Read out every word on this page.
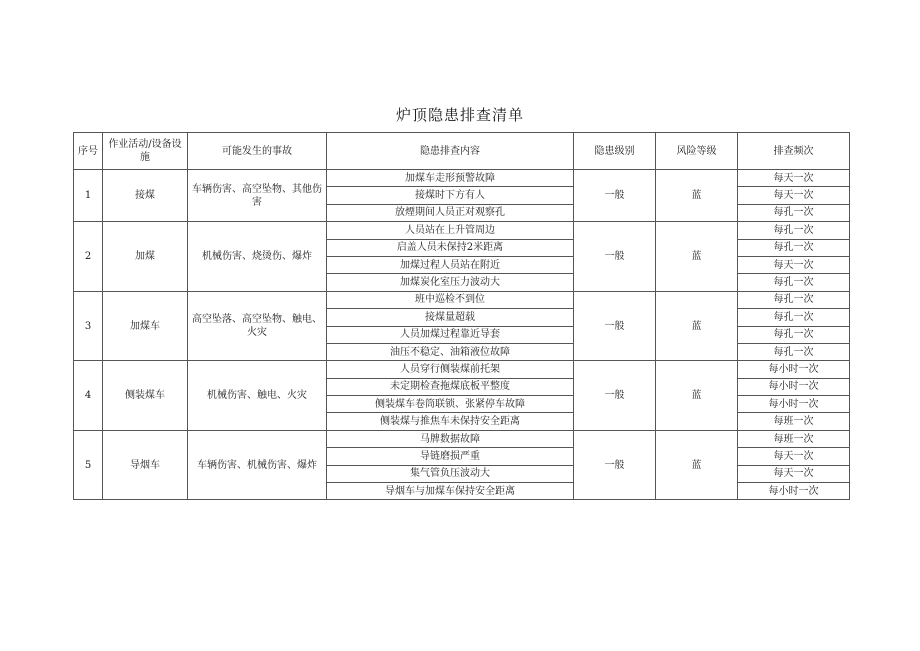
炉顶隐患排查清单
序号	作业活动/设备设施	可能发生的事故	隐患排查内容	隐患级别	风险等级	排查频次
1	接煤	车辆伤害、高空坠物、其他伤害	加煤车走形预警故障	一般	蓝	每天一次
			接煤时下方有人			每天一次
			放煙期间人员正对观察孔			每孔一次
2	加煤	机械伤害、烧烫伤、爆炸	人员站在上升管周边	一般	蓝	每孔一次
			启盖人员未保持2米距离			每孔一次
			加煤过程人员站在附近			每天一次
			加煤炭化室压力波动大			每孔一次
3	加煤车	高空坠落、高空坠物、触电、火灾	班中巡检不到位	一般	蓝	每孔一次
			接煤量超载			每孔一次
			人员加煤过程靠近导套			每孔一次
			油压不稳定、油箱液位故障			每孔一次
4	侧装煤车	机械伤害、触电、火灾	人员穿行侧装煤前托架	一般	蓝	每小时一次
			未定期检查拖煤底板平整度			每小时一次
			侧装煤车卷筒联锁、张紧停车故障			每小时一次
			侧装煤与推焦车未保持安全距离			每班一次
5	导烟车	车辆伤害、机械伤害、爆炸	马牌数据故障	一般	蓝	每班一次
			导链磨损严重			每天一次
			集气管负压波动大			每天一次
			导烟车与加煤车保持安全距离			每小时一次
